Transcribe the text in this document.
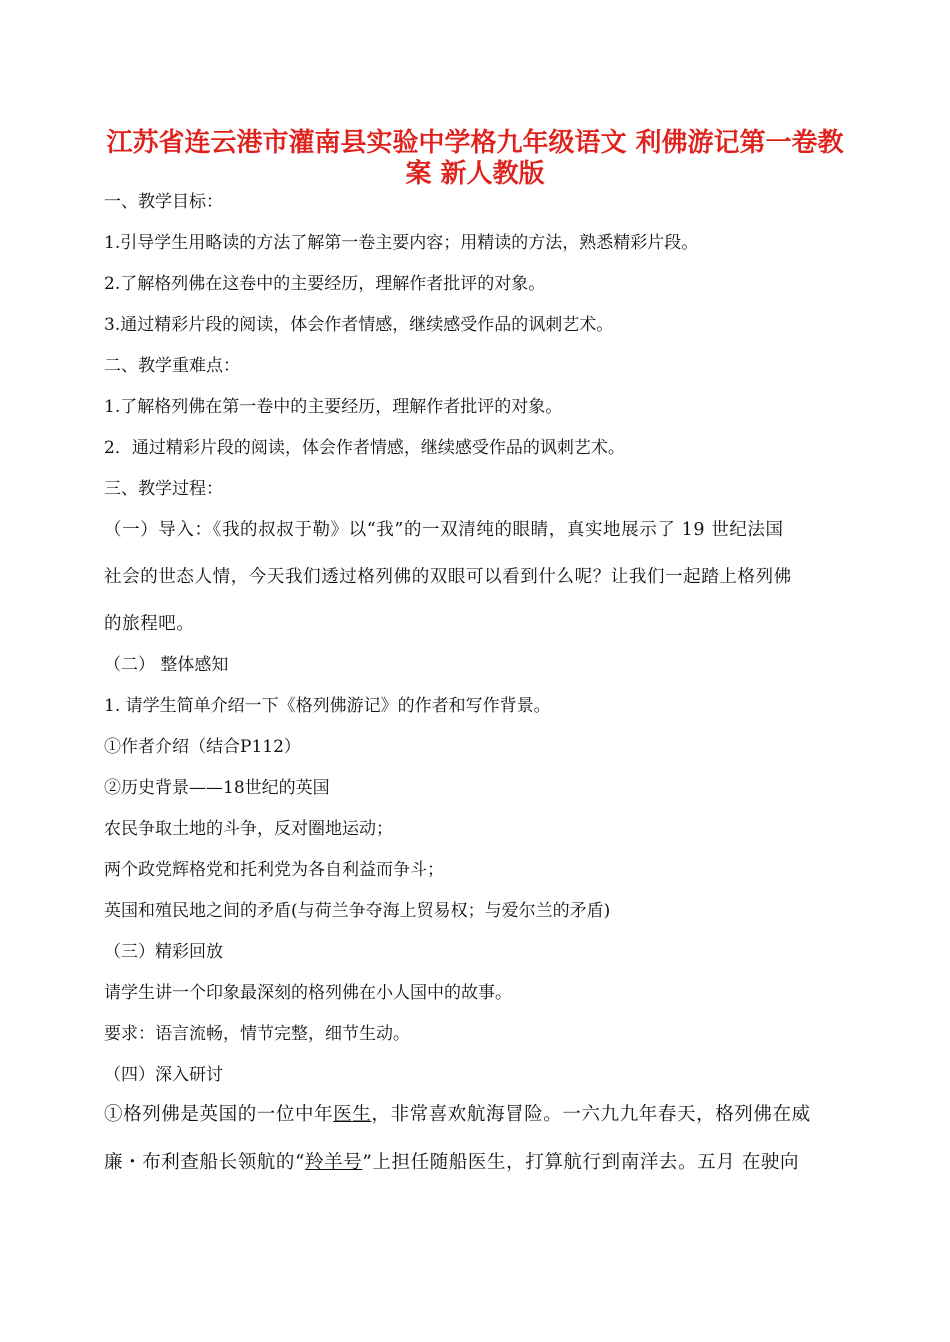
江苏省连云港市灌南县实验中学格九年级语文 利佛游记第一卷教
案 新人教版

一、教学目标：

1.引导学生用略读的方法了解第一卷主要内容；用精读的方法，熟悉精彩片段。

2.了解格列佛在这卷中的主要经历，理解作者批评的对象。

3.通过精彩片段的阅读，体会作者情感，继续感受作品的讽刺艺术。

二、教学重难点：

1.了解格列佛在第一卷中的主要经历，理解作者批评的对象。

2．通过精彩片段的阅读，体会作者情感，继续感受作品的讽刺艺术。

三、教学过程：

（一）导入：《我的叔叔于勒》以“我”的一双清纯的眼睛，真实地展示了 19 世纪法国

社会的世态人情，今天我们透过格列佛的双眼可以看到什么呢？让我们一起踏上格列佛

的旅程吧。

（二） 整体感知

1. 请学生简单介绍一下《格列佛游记》的作者和写作背景。

①作者介绍（结合P112）

②历史背景——18世纪的英国

农民争取土地的斗争，反对圈地运动；

两个政党辉格党和托利党为各自利益而争斗；

英国和殖民地之间的矛盾(与荷兰争夺海上贸易权；与爱尔兰的矛盾)

（三）精彩回放

请学生讲一个印象最深刻的格列佛在小人国中的故事。

要求：语言流畅，情节完整，细节生动。

（四）深入研讨

①格列佛是英国的一位中年医生，非常喜欢航海冒险。一六九九年春天，格列佛在威

廉・布利查船长领航的“羚羊号”上担任随船医生，打算航行到南洋去。五月 在驶向
